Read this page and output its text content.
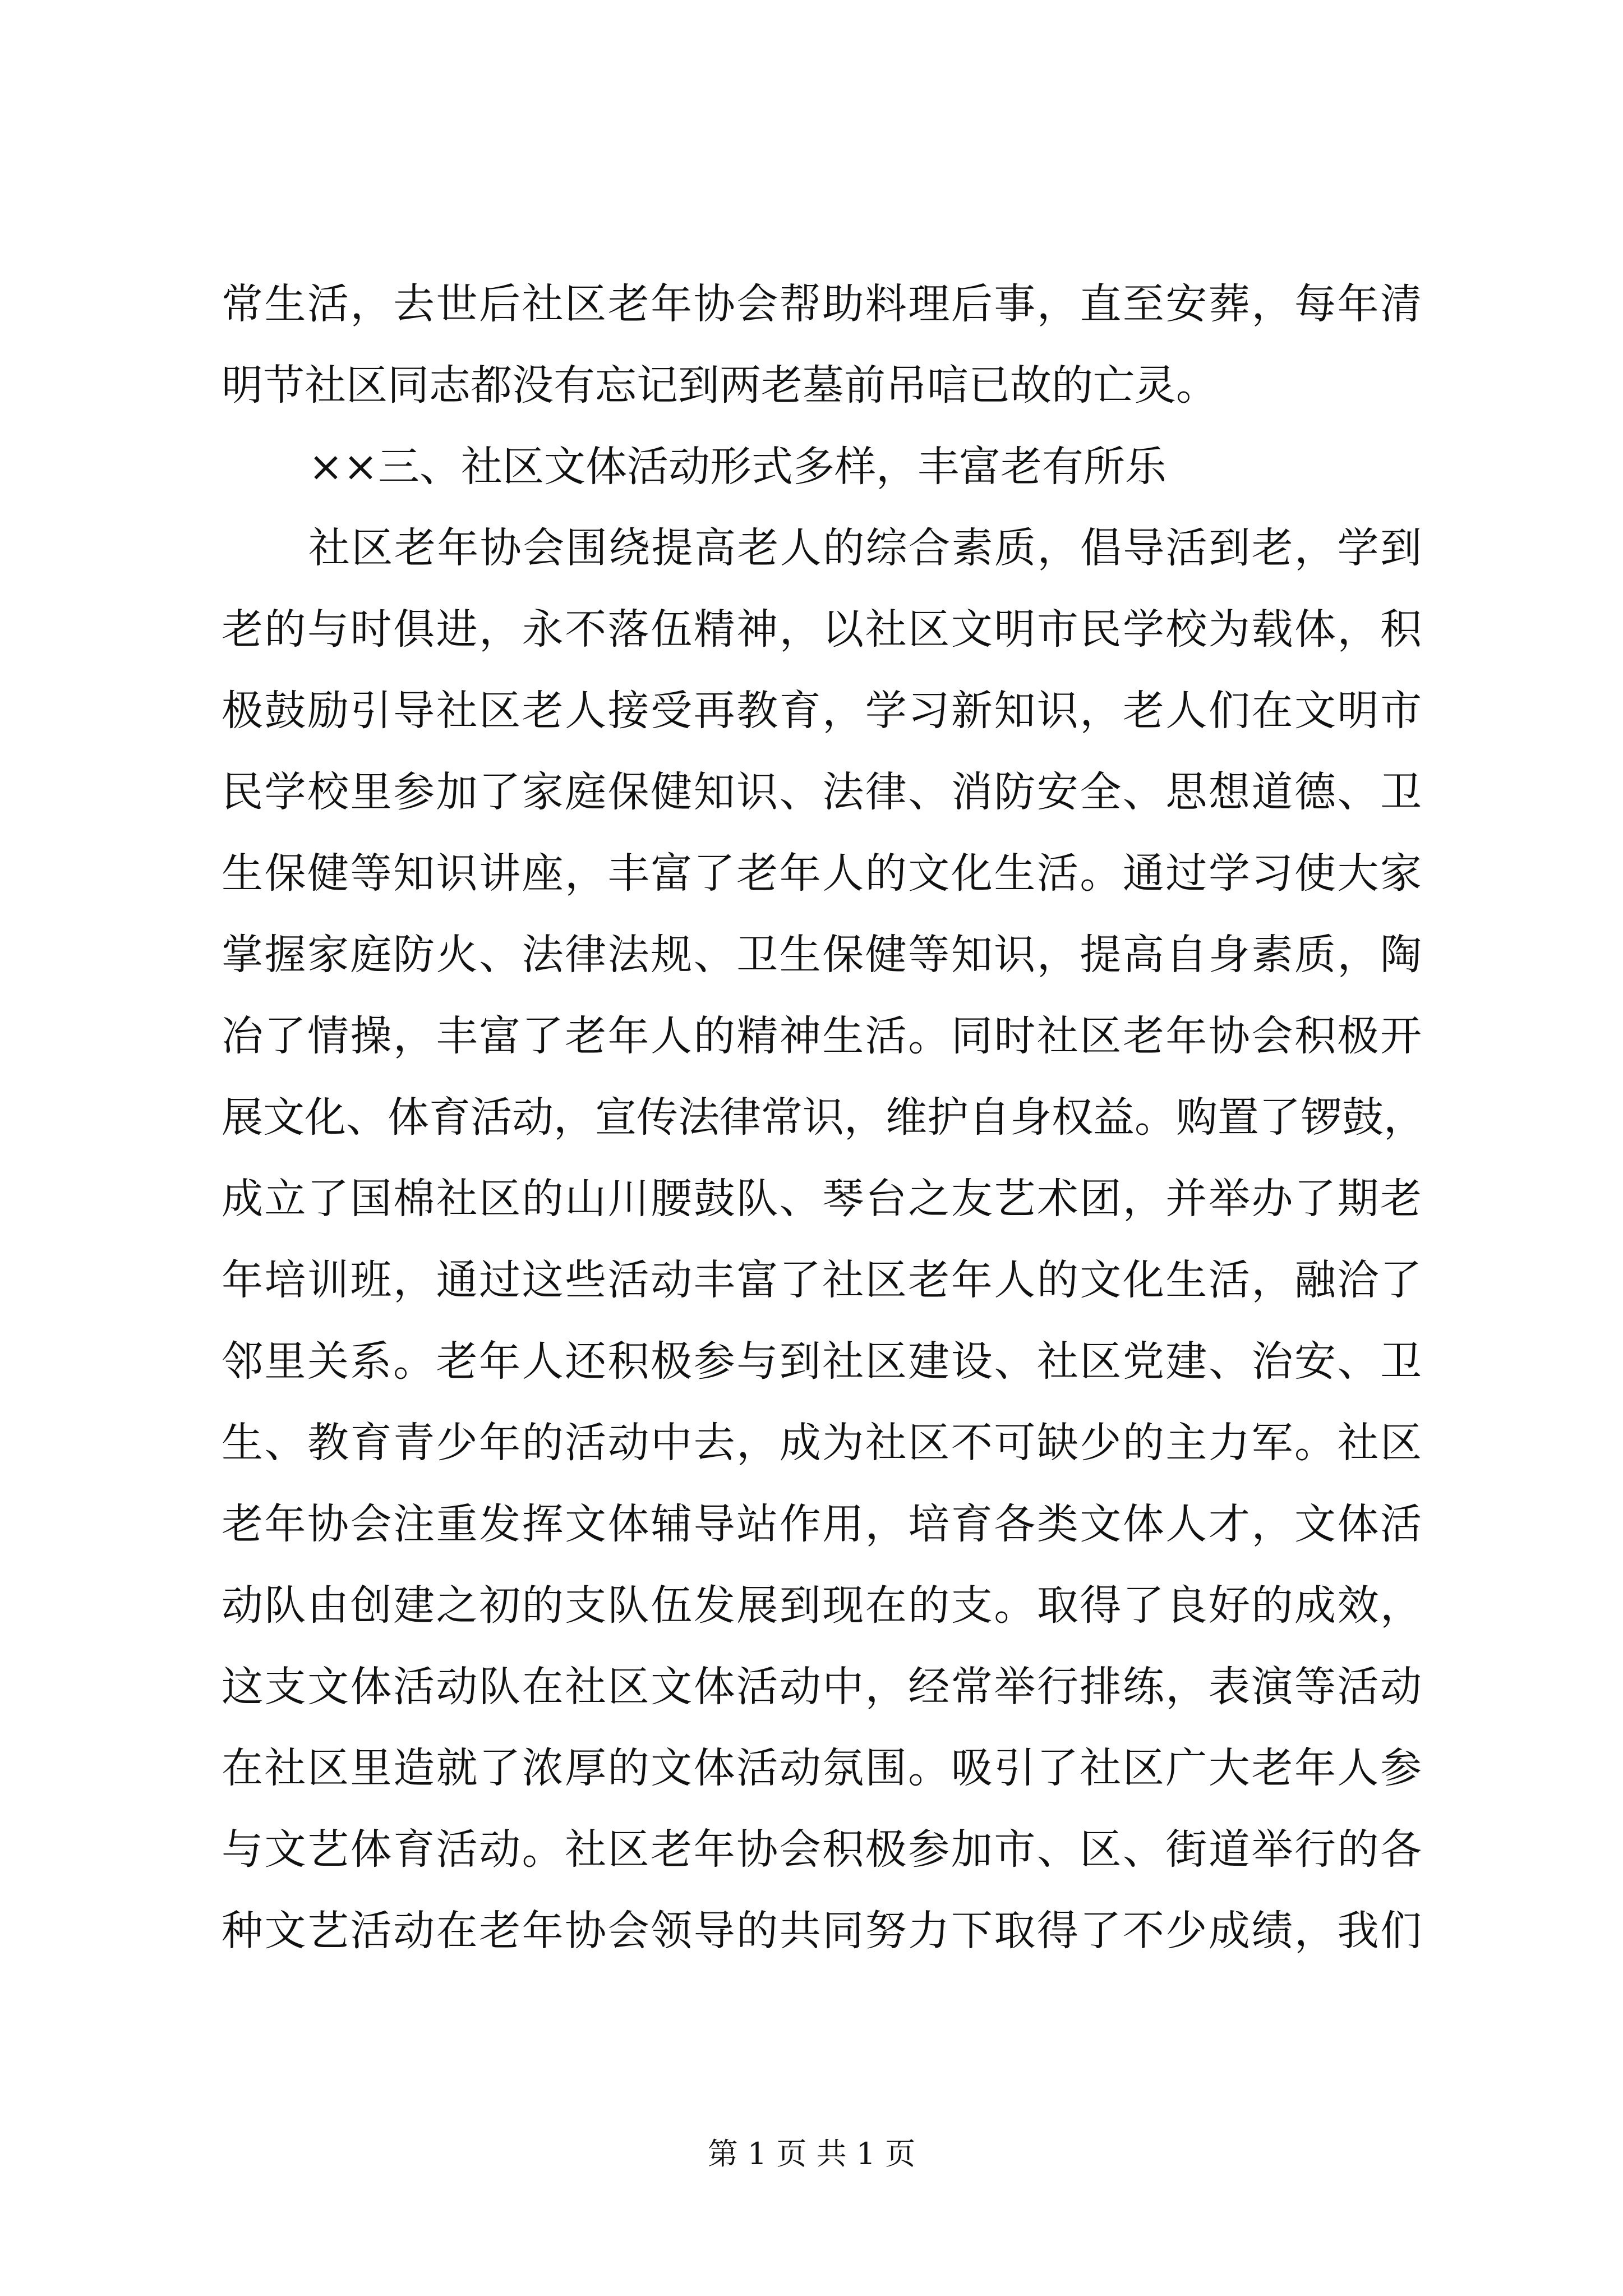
常生活，去世后社区老年协会帮助料理后事，直至安葬，每年清
明节社区同志都没有忘记到两老墓前吊唁已故的亡灵。
××三、社区文体活动形式多样，丰富老有所乐
社区老年协会围绕提高老人的综合素质，倡导活到老，学到
老的与时俱进，永不落伍精神，以社区文明市民学校为载体，积
极鼓励引导社区老人接受再教育，学习新知识，老人们在文明市
民学校里参加了家庭保健知识、法律、消防安全、思想道德、卫
生保健等知识讲座，丰富了老年人的文化生活。通过学习使大家
掌握家庭防火、法律法规、卫生保健等知识，提高自身素质，陶
冶了情操，丰富了老年人的精神生活。同时社区老年协会积极开
展文化、体育活动，宣传法律常识，维护自身权益。购置了锣鼓，
成立了国棉社区的山川腰鼓队、琴台之友艺术团，并举办了期老
年培训班，通过这些活动丰富了社区老年人的文化生活，融洽了
邻里关系。老年人还积极参与到社区建设、社区党建、治安、卫
生、教育青少年的活动中去，成为社区不可缺少的主力军。社区
老年协会注重发挥文体辅导站作用，培育各类文体人才，文体活
动队由创建之初的支队伍发展到现在的支。取得了良好的成效，
这支文体活动队在社区文体活动中，经常举行排练，表演等活动
在社区里造就了浓厚的文体活动氛围。吸引了社区广大老年人参
与文艺体育活动。社区老年协会积极参加市、区、街道举行的各
种文艺活动在老年协会领导的共同努力下取得了不少成绩，我们
第 1 页 共 1 页
